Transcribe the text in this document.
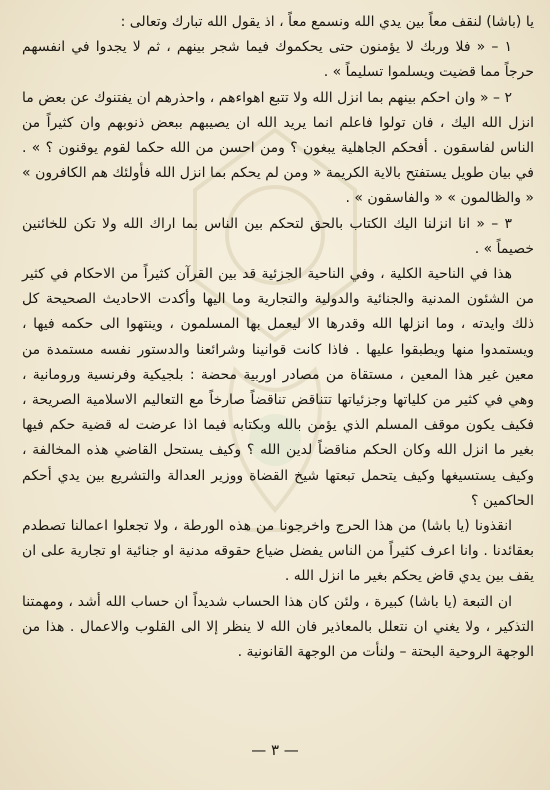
يا (باشا) لنقف معاً بين يدي الله ونسمع معاً ، اذ يقول الله تبارك وتعالى :

١ – « فلا وربك لا يؤمنون حتى يحكموك فيما شجر بينهم ، ثم لا يجدوا في انفسهم حرجاً مما قضيت ويسلموا تسليماً » .

٢ – « وان احكم بينهم بما انزل الله ولا تتبع اهواءهم ، واحذرهم ان يفتنوك عن بعض ما انزل الله اليك ، فان تولوا فاعلم انما يريد الله ان يصيبهم ببعض ذنوبهم وان كثيراً من الناس لفاسقون . أفحكم الجاهلية يبغون ؟ ومن احسن من الله حكما لقوم يوقنون ؟ » . في بيان طويل يستفتح بالاية الكريمة « ومن لم يحكم بما انزل الله فأولئك هم الكافرون » « والظالمون » « والفاسقون » .

٣ – « انا انزلنا اليك الكتاب بالحق لتحكم بين الناس بما اراك الله ولا تكن للخائنين خصيماً » .

هذا في الناحية الكلية ، وفي الناحية الجزئية قد بين القرآن كثيراً من الاحكام في كثير من الشئون المدنية والجنائية والدولية والتجارية وما اليها وأكدت الاحاديث الصحيحة كل ذلك وايدته ، وما انزلها الله وقدرها الا ليعمل بها المسلمون ، وينتهوا الى حكمه فيها ، ويستمدوا منها ويطبقوا عليها . فاذا كانت قوانينا وشرائعنا والدستور نفسه مستمدة من معين غير هذا المعين ، مستقاة من مصادر اوربية محضة : بلجيكية وفرنسية ورومانية ، وهي في كثير من كلياتها وجزئياتها تتناقض تناقضاً صارخاً مع التعاليم الاسلامية الصريحة ، فكيف يكون موقف المسلم الذي يؤمن بالله وبكتابه فيما اذا عرضت له قضية حكم فيها بغير ما انزل الله وكان الحكم مناقضاً لدين الله ؟ وكيف يستحل القاضي هذه المخالفة ، وكيف يستسيغها وكيف يتحمل تبعتها شيخ القضاة ووزير العدالة والتشريع بين يدي أحكم الحاكمين ؟

انقذونا (يا باشا) من هذا الحرج واخرجونا من هذه الورطة ، ولا تجعلوا اعمالنا تصطدم بعقائدنا . وانا اعرف كثيراً من الناس يفضل ضياع حقوقه مدنية او جنائية او تجارية على ان يقف بين يدي قاض يحكم بغير ما انزل الله .

ان التبعة (يا باشا) كبيرة ، ولئن كان هذا الحساب شديداً ان حساب الله أشد ، ومهمتنا التذكير ، ولا يغني ان نتعلل بالمعاذير فان الله لا ينظر إلا الى القلوب والاعمال . هذا من الوجهة الروحية البحتة – ولنأت من الوجهة القانونية .

— ٣ —
